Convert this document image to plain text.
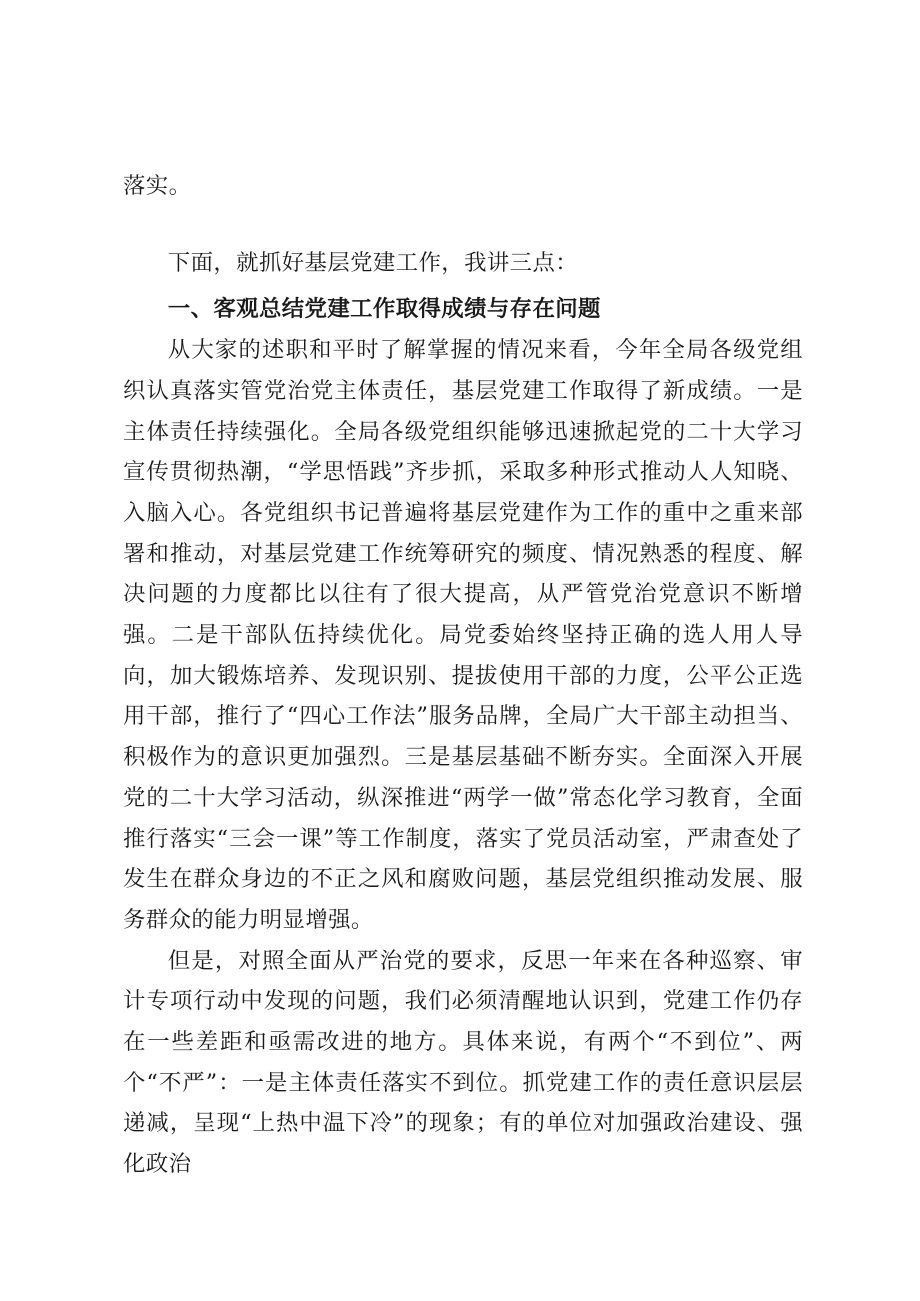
落实。

下面，就抓好基层党建工作，我讲三点：

一、客观总结党建工作取得成绩与存在问题

从大家的述职和平时了解掌握的情况来看，今年全局各级党组织认真落实管党治党主体责任，基层党建工作取得了新成绩。一是主体责任持续强化。全局各级党组织能够迅速掀起党的二十大学习宣传贯彻热潮，“学思悟践”齐步抓，采取多种形式推动人人知晓、入脑入心。各党组织书记普遍将基层党建作为工作的重中之重来部署和推动，对基层党建工作统筹研究的频度、情况熟悉的程度、解决问题的力度都比以往有了很大提高，从严管党治党意识不断增强。二是干部队伍持续优化。局党委始终坚持正确的选人用人导向，加大锻炼培养、发现识别、提拔使用干部的力度，公平公正选用干部，推行了“四心工作法”服务品牌，全局广大干部主动担当、积极作为的意识更加强烈。三是基层基础不断夯实。全面深入开展党的二十大学习活动，纵深推进“两学一做”常态化学习教育，全面推行落实“三会一课”等工作制度，落实了党员活动室，严肃查处了发生在群众身边的不正之风和腐败问题，基层党组织推动发展、服务群众的能力明显增强。

但是，对照全面从严治党的要求，反思一年来在各种巡察、审计专项行动中发现的问题，我们必须清醒地认识到，党建工作仍存在一些差距和亟需改进的地方。具体来说，有两个“不到位”、两个“不严”：一是主体责任落实不到位。抓党建工作的责任意识层层递减，呈现“上热中温下冷”的现象；有的单位对加强政治建设、强化政治
